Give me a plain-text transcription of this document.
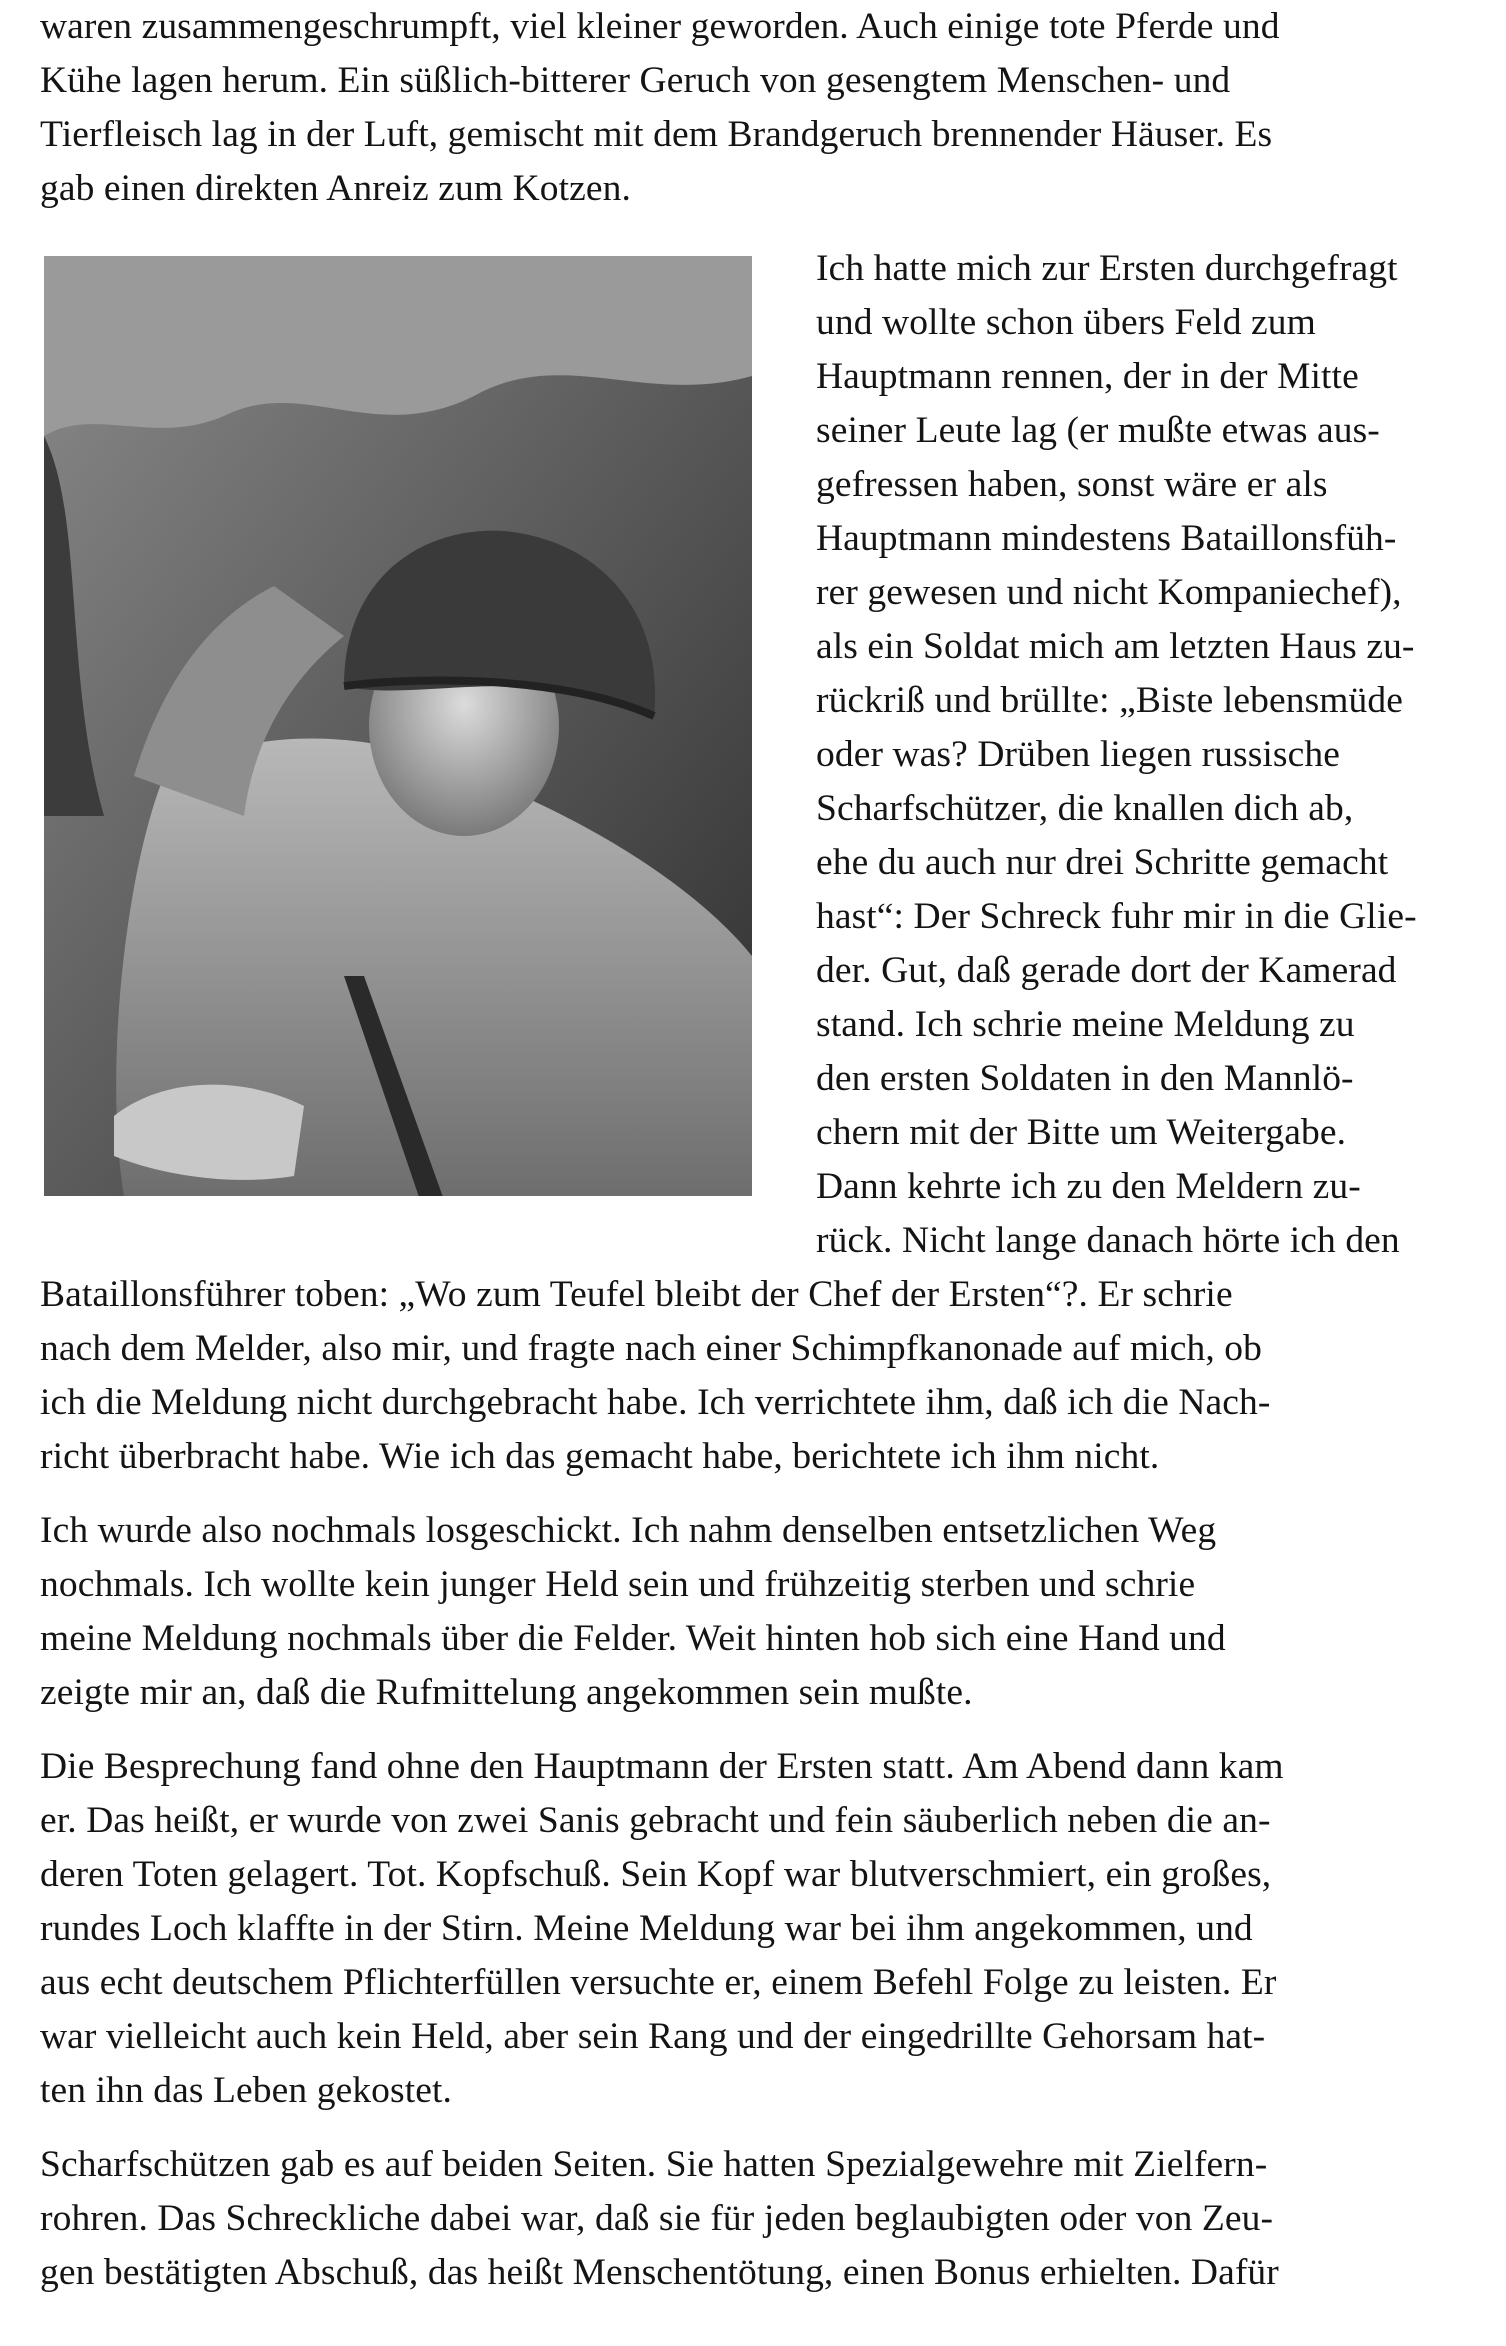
waren zusammengeschrumpft, viel kleiner geworden. Auch einige tote Pferde und
Kühe lagen herum. Ein süßlich-bitterer Geruch von gesengtem Menschen- und
Tierfleisch lag in der Luft, gemischt mit dem Brandgeruch brennender Häuser. Es
gab einen direkten Anreiz zum Kotzen.
Ich hatte mich zur Ersten durchgefragt
und wollte schon übers Feld zum
Hauptmann rennen, der in der Mitte
seiner Leute lag (er mußte etwas aus-
gefressen haben, sonst wäre er als
Hauptmann mindestens Bataillonsfüh-
rer gewesen und nicht Kompaniechef),
als ein Soldat mich am letzten Haus zu-
rückriß und brüllte: „Biste lebensmüde
oder was? Drüben liegen russische
Scharfschützer, die knallen dich ab,
ehe du auch nur drei Schritte gemacht
hast“: Der Schreck fuhr mir in die Glie-
der. Gut, daß gerade dort der Kamerad
stand. Ich schrie meine Meldung zu
den ersten Soldaten in den Mannlö-
chern mit der Bitte um Weitergabe.
Dann kehrte ich zu den Meldern zu-
rück. Nicht lange danach hörte ich den
Bataillonsführer toben: „Wo zum Teufel bleibt der Chef der Ersten“?. Er schrie
nach dem Melder, also mir, und fragte nach einer Schimpfkanonade auf mich, ob
ich die Meldung nicht durchgebracht habe. Ich verrichtete ihm, daß ich die Nach-
richt überbracht habe. Wie ich das gemacht habe, berichtete ich ihm nicht.
Ich wurde also nochmals losgeschickt. Ich nahm denselben entsetzlichen Weg
nochmals. Ich wollte kein junger Held sein und frühzeitig sterben und schrie
meine Meldung nochmals über die Felder. Weit hinten hob sich eine Hand und
zeigte mir an, daß die Rufmittelung angekommen sein mußte.
Die Besprechung fand ohne den Hauptmann der Ersten statt. Am Abend dann kam
er. Das heißt, er wurde von zwei Sanis gebracht und fein säuberlich neben die an-
deren Toten gelagert. Tot. Kopfschuß. Sein Kopf war blutverschmiert, ein großes,
rundes Loch klaffte in der Stirn. Meine Meldung war bei ihm angekommen, und
aus echt deutschem Pflichterfüllen versuchte er, einem Befehl Folge zu leisten. Er
war vielleicht auch kein Held, aber sein Rang und der eingedrillte Gehorsam hat-
ten ihn das Leben gekostet.
Scharfschützen gab es auf beiden Seiten. Sie hatten Spezialgewehre mit Zielfern-
rohren. Das Schreckliche dabei war, daß sie für jeden beglaubigten oder von Zeu-
gen bestätigten Abschuß, das heißt Menschentötung, einen Bonus erhielten. Dafür
